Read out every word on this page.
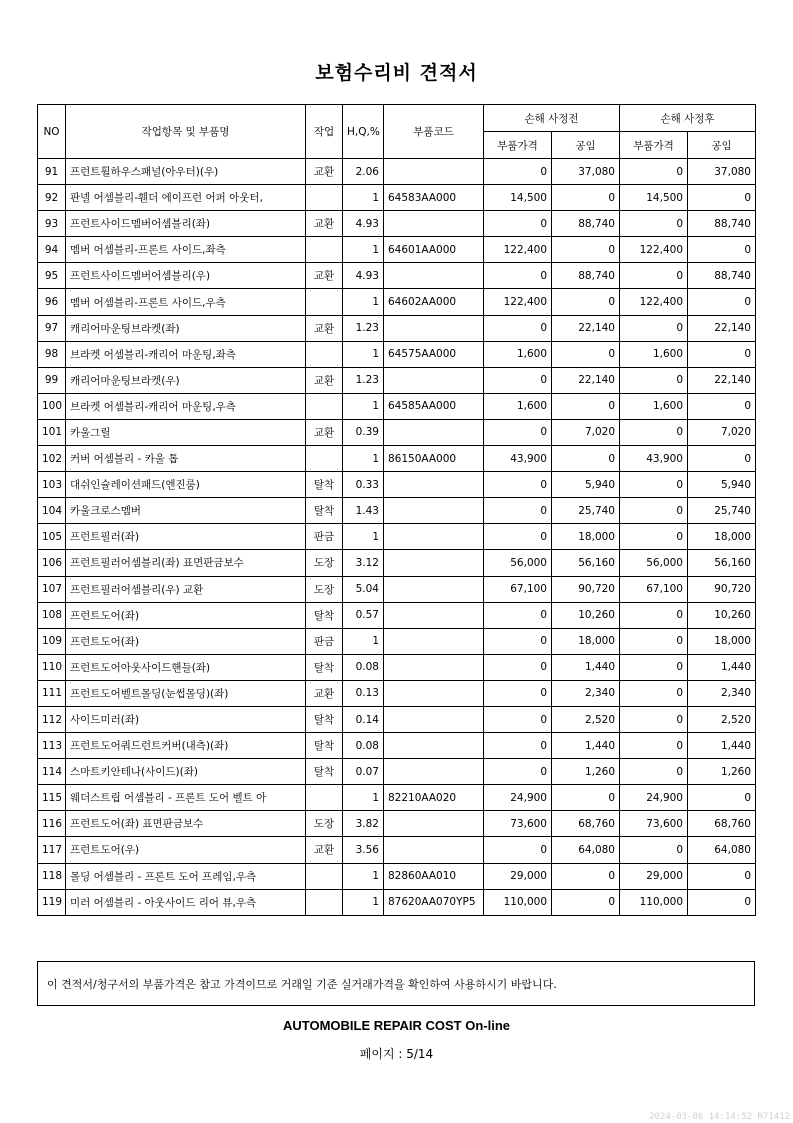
보험수리비 견적서
NO	작업항목 및 부품명	작업	H,Q,%	부품코드	손해 사정전		손해 사정후	
					부품가격	공임	부품가격	공임
91	프런트휠하우스패널(아우터)(우)	교환	2.06		0	37,080	0	37,080
92	판넬 어셈블리-휀더 에이프런 어퍼 아웃터,		1	64583AA000	14,500	0	14,500	0
93	프런트사이드멤버어셈블리(좌)	교환	4.93		0	88,740	0	88,740
94	멤버 어셈블리-프론트 사이드,좌측		1	64601AA000	122,400	0	122,400	0
95	프런트사이드멤버어셈블리(우)	교환	4.93		0	88,740	0	88,740
96	멤버 어셈블리-프론트 사이드,우측		1	64602AA000	122,400	0	122,400	0
97	캐리어마운팅브라켓(좌)	교환	1.23		0	22,140	0	22,140
98	브라켓 어셈블리-캐리어 마운팅,좌측		1	64575AA000	1,600	0	1,600	0
99	캐리어마운팅브라켓(우)	교환	1.23		0	22,140	0	22,140
100	브라켓 어셈블리-캐리어 마운팅,우측		1	64585AA000	1,600	0	1,600	0
101	카울그릴	교환	0.39		0	7,020	0	7,020
102	커버 어셈블리 - 카울 톱		1	86150AA000	43,900	0	43,900	0
103	대쉬인슐레이션패드(엔진룸)	탈착	0.33		0	5,940	0	5,940
104	카울크로스멤버	탈착	1.43		0	25,740	0	25,740
105	프런트필러(좌)	판금	1		0	18,000	0	18,000
106	프런트필러어셈블리(좌) 표면판금보수	도장	3.12		56,000	56,160	56,000	56,160
107	프런트필러어셈블리(우) 교환	도장	5.04		67,100	90,720	67,100	90,720
108	프런트도어(좌)	탈착	0.57		0	10,260	0	10,260
109	프런트도어(좌)	판금	1		0	18,000	0	18,000
110	프런트도어아웃사이드핸들(좌)	탈착	0.08		0	1,440	0	1,440
111	프런트도어벨트몰딩(눈썹몰딩)(좌)	교환	0.13		0	2,340	0	2,340
112	사이드미러(좌)	탈착	0.14		0	2,520	0	2,520
113	프런트도어쿼드런트커버(내측)(좌)	탈착	0.08		0	1,440	0	1,440
114	스마트키안테나(사이드)(좌)	탈착	0.07		0	1,260	0	1,260
115	웨더스트립 어셈블리 - 프론트 도어 벨트 아		1	82210AA020	24,900	0	24,900	0
116	프런트도어(좌) 표면판금보수	도장	3.82		73,600	68,760	73,600	68,760
117	프런트도어(우)	교환	3.56		0	64,080	0	64,080
118	몰딩 어셈블리 - 프론트 도어 프레임,우측		1	82860AA010	29,000	0	29,000	0
119	미러 어셈블리 - 아웃사이드 리어 뷰,우측		1	87620AA070YP5	110,000	0	110,000	0
이 견적서/청구서의 부품가격은 참고 가격이므로 거래일 기준 실거래가격을 확인하여 사용하시기 바랍니다.
AUTOMOBILE REPAIR COST On-line
페이지 : 5/14
2024-03-06 14:14:52 R71412
